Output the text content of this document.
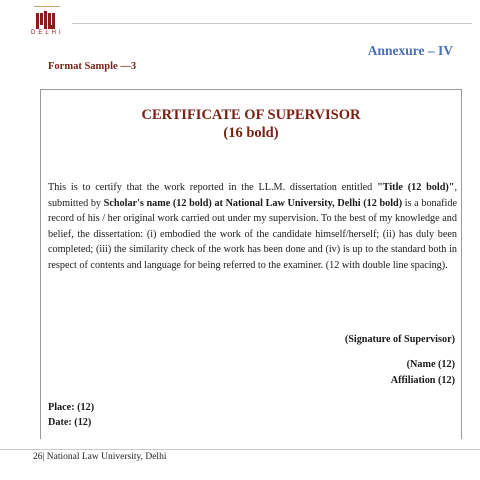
DELHI
Annexure – IV
Format Sample —3
CERTIFICATE OF SUPERVISOR
(16 bold)
This is to certify that the work reported in the LL.M. dissertation entitled "Title (12 bold)", submitted by Scholar's name (12 bold) at National Law University, Delhi (12 bold) is a bonafide record of his / her original work carried out under my supervision. To the best of my knowledge and belief, the dissertation: (i) embodied the work of the candidate himself/herself; (ii) has duly been completed; (iii) the similarity check of the work has been done and (iv) is up to the standard both in respect of contents and language for being referred to the examiner. (12 with double line spacing).
(Signature of Supervisor)
(Name (12)
Affiliation (12)
Place: (12)
Date: (12)
26| National Law University, Delhi
